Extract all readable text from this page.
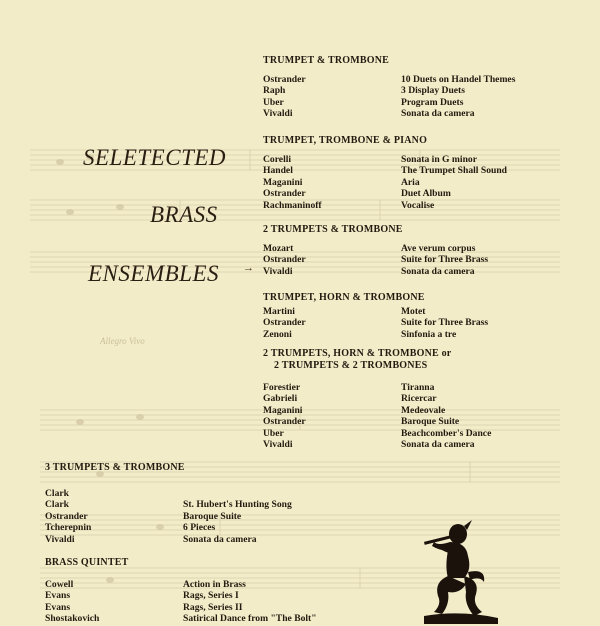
Allegro Vivo
SELETECTED
BRASS
ENSEMBLES →
TRUMPET & TROMBONE
Ostrander	10 Duets on Handel Themes
Raph	3 Display Duets
Uber	Program Duets
Vivaldi	Sonata da camera
TRUMPET, TROMBONE & PIANO
Corelli	Sonata in G minor
Handel	The Trumpet Shall Sound
Maganini	Aria
Ostrander	Duet Album
Rachmaninoff	Vocalise
2 TRUMPETS & TROMBONE
Mozart	Ave verum corpus
Ostrander	Suite for Three Brass
Vivaldi	Sonata da camera
TRUMPET, HORN & TROMBONE
Martini	Motet
Ostrander	Suite for Three Brass
Zenoni	Sinfonia a tre
2 TRUMPETS, HORN & TROMBONE or
2 TRUMPETS & 2 TROMBONES
Forestier	Tiranna
Gabrieli	Ricercar
Maganini	Medeovale
Ostrander	Baroque Suite
Uber	Beachcomber's Dance
Vivaldi	Sonata da camera
3 TRUMPETS & TROMBONE
Clark
Clark	St. Hubert's Hunting Song
Ostrander	Baroque Suite
Tcherepnin	6 Pieces
Vivaldi	Sonata da camera
BRASS QUINTET
Cowell	Action in Brass
Evans	Rags, Series I
Evans	Rags, Series II
Shostakovich	Satirical Dance from "The Bolt"
